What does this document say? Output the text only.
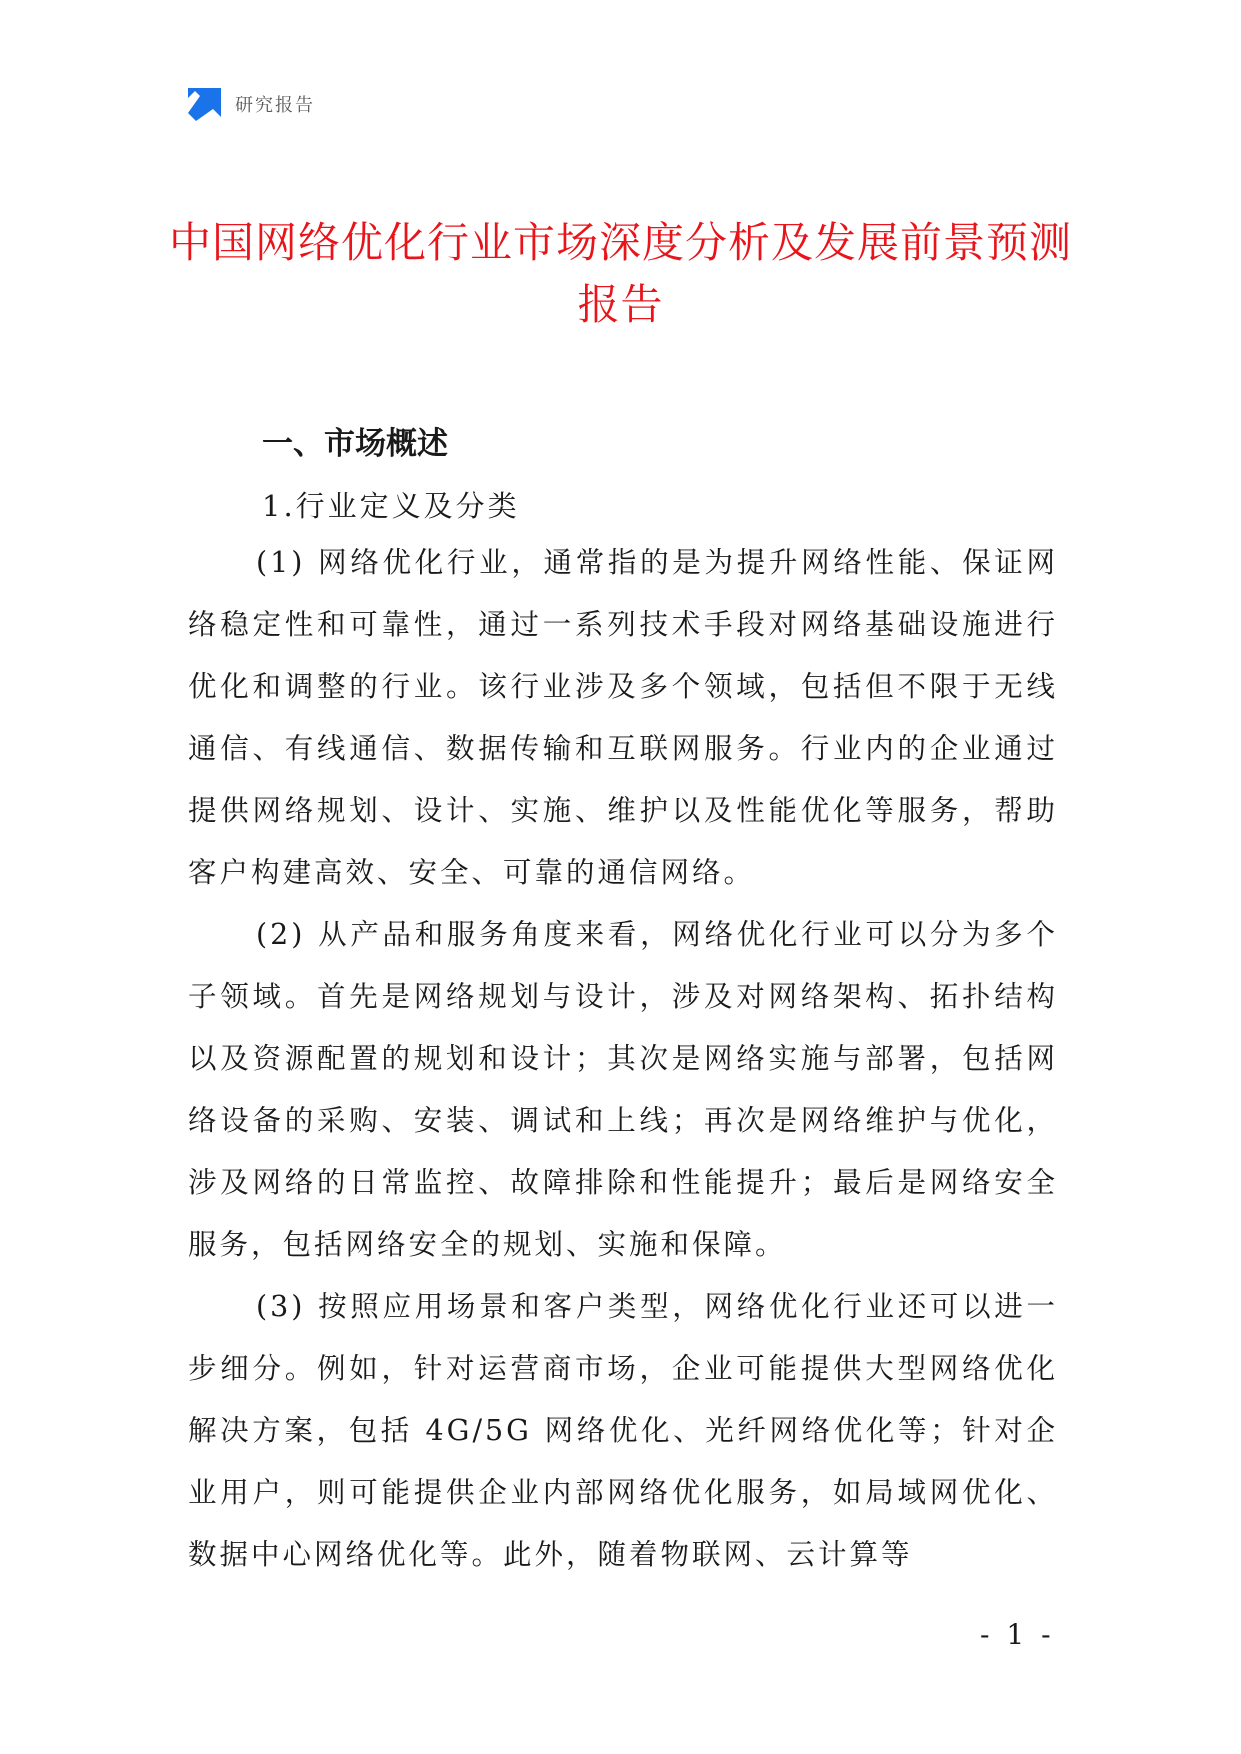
研究报告
中国网络优化行业市场深度分析及发展前景预测报告
一、市场概述
1.行业定义及分类

(1) 网络优化行业，通常指的是为提升网络性能、保证网络稳定性和可靠性，通过一系列技术手段对网络基础设施进行优化和调整的行业。该行业涉及多个领域，包括但不限于无线通信、有线通信、数据传输和互联网服务。行业内的企业通过提供网络规划、设计、实施、维护以及性能优化等服务，帮助客户构建高效、安全、可靠的通信网络。

(2) 从产品和服务角度来看，网络优化行业可以分为多个子领域。首先是网络规划与设计，涉及对网络架构、拓扑结构以及资源配置的规划和设计；其次是网络实施与部署，包括网络设备的采购、安装、调试和上线；再次是网络维护与优化，涉及网络的日常监控、故障排除和性能提升；最后是网络安全服务，包括网络安全的规划、实施和保障。

(3) 按照应用场景和客户类型，网络优化行业还可以进一步细分。例如，针对运营商市场，企业可能提供大型网络优化解决方案，包括 4G/5G 网络优化、光纤网络优化等；针对企业用户，则可能提供企业内部网络优化服务，如局域网优化、数据中心网络优化等。此外，随着物联网、云计算等

- 1 -
